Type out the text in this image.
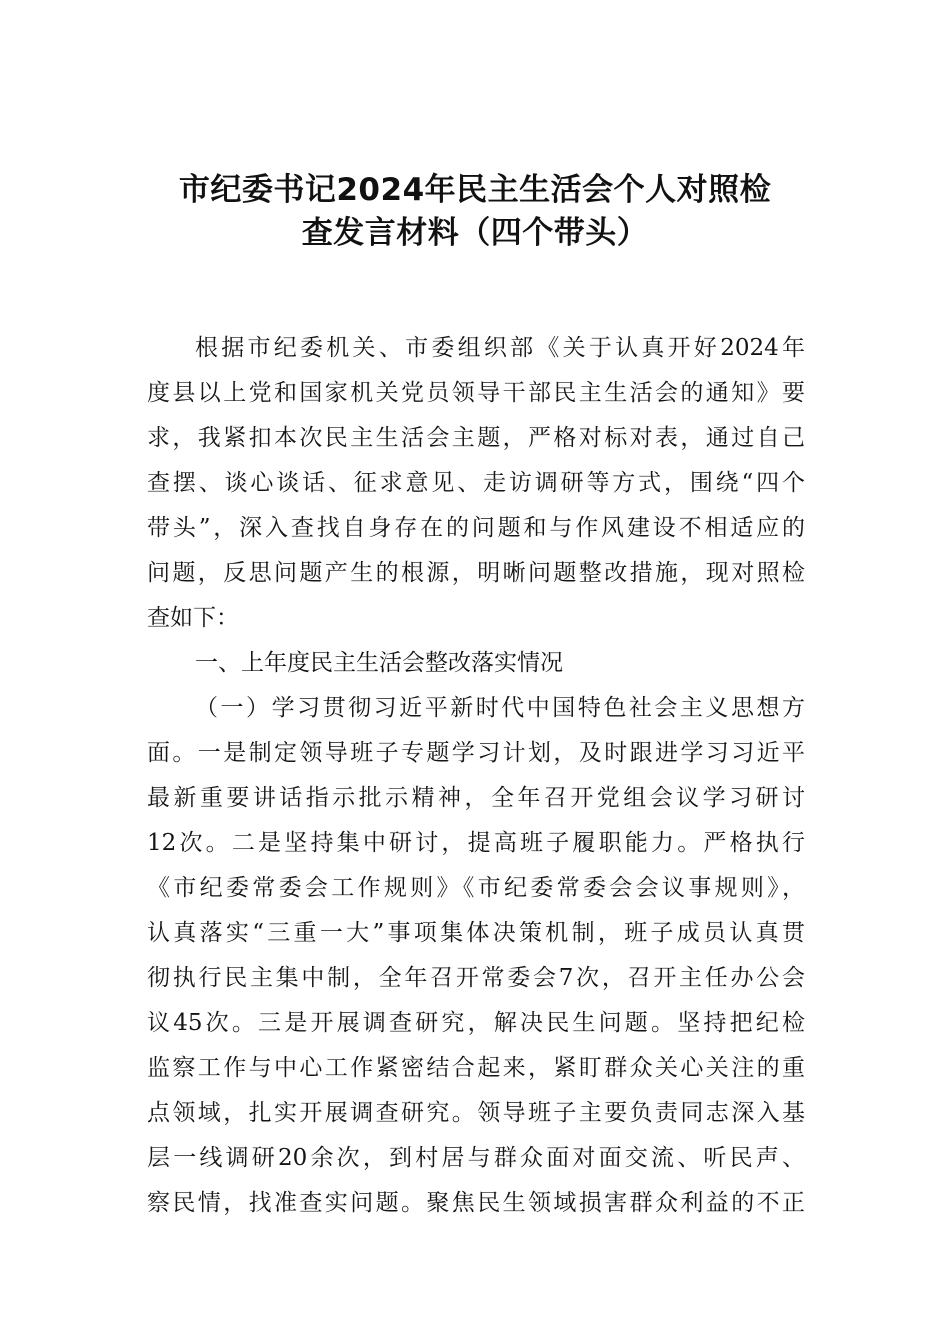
市纪委书记2024年民主生活会个人对照检
查发言材料（四个带头）
根据市纪委机关、市委组织部《关于认真开好2024年
度县以上党和国家机关党员领导干部民主生活会的通知》要
求，我紧扣本次民主生活会主题，严格对标对表，通过自己
查摆、谈心谈话、征求意见、走访调研等方式，围绕“四个
带头”，深入查找自身存在的问题和与作风建设不相适应的
问题，反思问题产生的根源，明晰问题整改措施，现对照检
查如下：
一、上年度民主生活会整改落实情况
（一）学习贯彻习近平新时代中国特色社会主义思想方
面。一是制定领导班子专题学习计划，及时跟进学习习近平
最新重要讲话指示批示精神，全年召开党组会议学习研讨
12次。二是坚持集中研讨，提高班子履职能力。严格执行
《市纪委常委会工作规则》《市纪委常委会会议事规则》，
认真落实“三重一大”事项集体决策机制，班子成员认真贯
彻执行民主集中制，全年召开常委会7次，召开主任办公会
议45次。三是开展调查研究，解决民生问题。坚持把纪检
监察工作与中心工作紧密结合起来，紧盯群众关心关注的重
点领域，扎实开展调查研究。领导班子主要负责同志深入基
层一线调研20余次，到村居与群众面对面交流、听民声、
察民情，找准查实问题。聚焦民生领域损害群众利益的不正
